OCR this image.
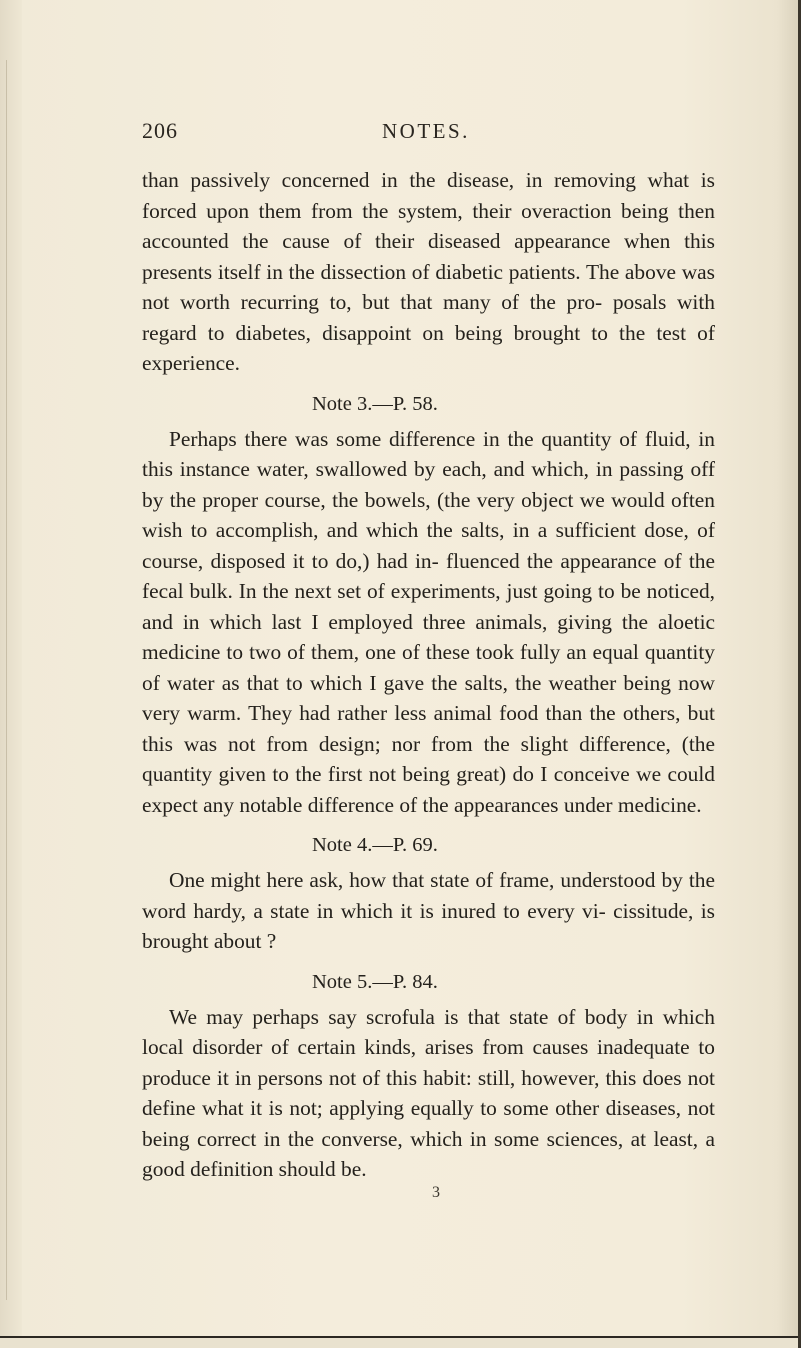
206	NOTES.

than passively concerned in the disease, in removing what is forced upon them from the system, their overaction being then accounted the cause of their diseased appearance when this presents itself in the dissection of diabetic patients. The above was not worth recurring to, but that many of the pro- posals with regard to diabetes, disappoint on being brought to the test of experience.

Note 3.—P. 58.

Perhaps there was some difference in the quantity of fluid, in this instance water, swallowed by each, and which, in passing off by the proper course, the bowels, (the very object we would often wish to accomplish, and which the salts, in a sufficient dose, of course, disposed it to do,) had in- fluenced the appearance of the fecal bulk. In the next set of experiments, just going to be noticed, and in which last I employed three animals, giving the aloetic medicine to two of them, one of these took fully an equal quantity of water as that to which I gave the salts, the weather being now very warm. They had rather less animal food than the others, but this was not from design; nor from the slight difference, (the quantity given to the first not being great) do I conceive we could expect any notable difference of the appearances under medicine.

Note 4.—P. 69.

One might here ask, how that state of frame, understood by the word hardy, a state in which it is inured to every vi- cissitude, is brought about ?

Note 5.—P. 84.

We may perhaps say scrofula is that state of body in which local disorder of certain kinds, arises from causes inadequate to produce it in persons not of this habit: still, however, this does not define what it is not; applying equally to some other diseases, not being correct in the converse, which in some sciences, at least, a good definition should be.

3
